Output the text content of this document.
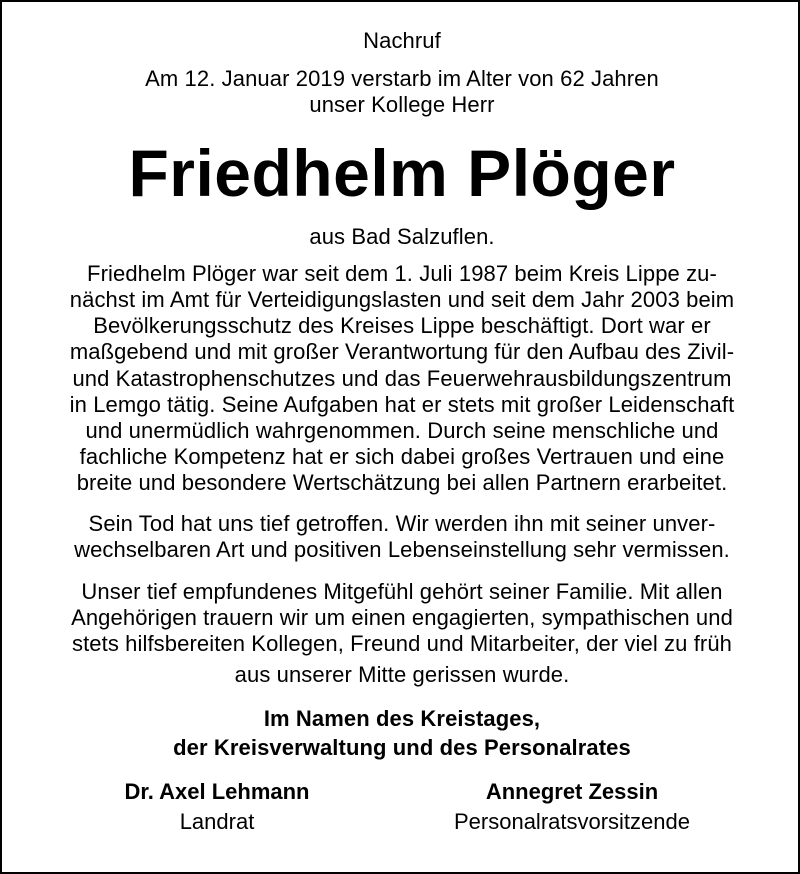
Nachruf
Am 12. Januar 2019 verstarb im Alter von 62 Jahren
unser Kollege Herr
Friedhelm Plöger
aus Bad Salzuflen.
Friedhelm Plöger war seit dem 1. Juli 1987 beim Kreis Lippe zu-
nächst im Amt für Verteidigungslasten und seit dem Jahr 2003 beim
Bevölkerungsschutz des Kreises Lippe beschäftigt. Dort war er
maßgebend und mit großer Verantwortung für den Aufbau des Zivil-
und Katastrophenschutzes und das Feuerwehrausbildungszentrum
in Lemgo tätig. Seine Aufgaben hat er stets mit großer Leidenschaft
und unermüdlich wahrgenommen. Durch seine menschliche und
fachliche Kompetenz hat er sich dabei großes Vertrauen und eine
breite und besondere Wertschätzung bei allen Partnern erarbeitet.
Sein Tod hat uns tief getroffen. Wir werden ihn mit seiner unver-
wechselbaren Art und positiven Lebenseinstellung sehr vermissen.
Unser tief empfundenes Mitgefühl gehört seiner Familie. Mit allen
Angehörigen trauern wir um einen engagierten, sympathischen und
stets hilfsbereiten Kollegen, Freund und Mitarbeiter, der viel zu früh
aus unserer Mitte gerissen wurde.
Im Namen des Kreistages,
der Kreisverwaltung und des Personalrates
Dr. Axel Lehmann
Landrat
Annegret Zessin
Personalratsvorsitzende
